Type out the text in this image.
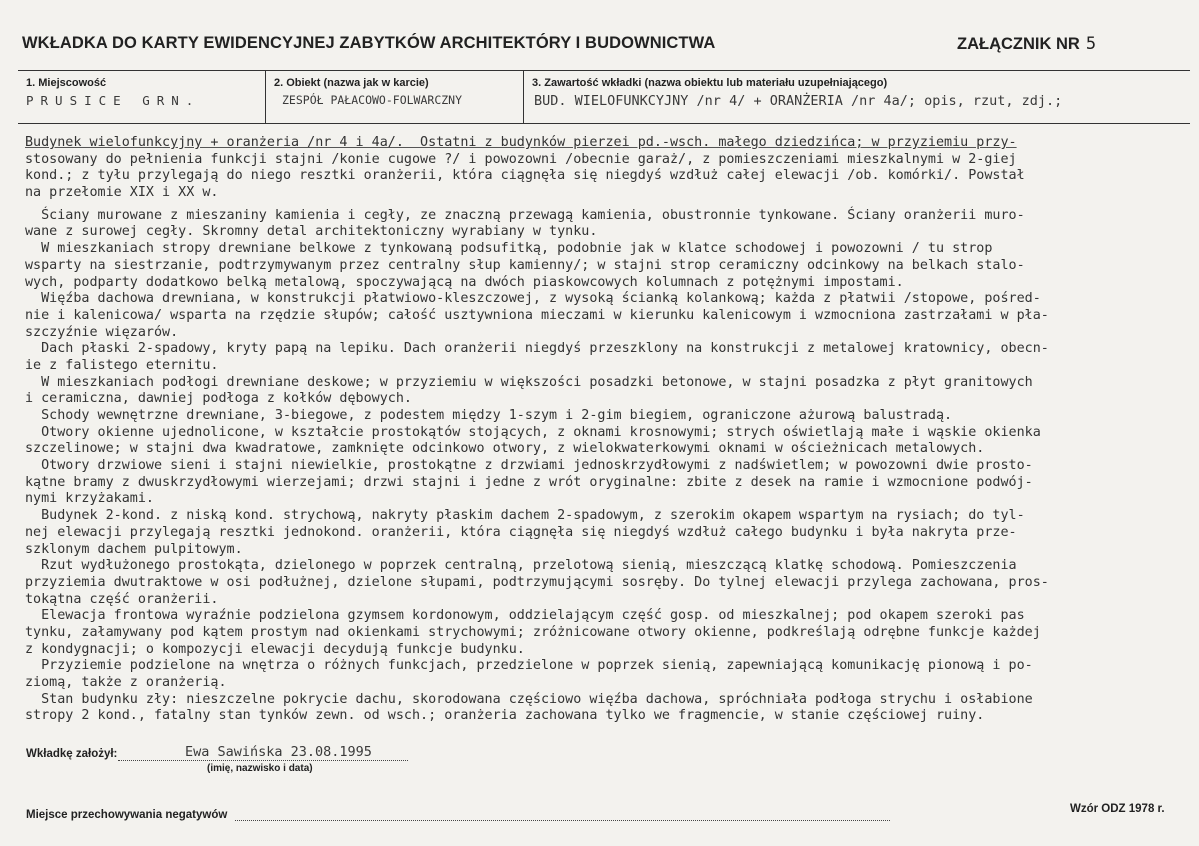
WKŁADKA DO KARTY EWIDENCYJNEJ ZABYTKÓW ARCHITEKTÓRY I BUDOWNICTWA	ZAŁĄCZNIK NR 5
1. Miejscowość
PRUSICE GRN.
2. Obiekt (nazwa jak w karcie)
ZESPÓŁ PAŁACOWO-FOLWARCZNY
3. Zawartość wkładki (nazwa obiektu lub materiału uzupełniającego)
BUD. WIELOFUNKCYJNY /nr 4/ + ORANŻERIA /nr 4a/; opis, rzut, zdj.;
Budynek wielofunkcyjny + oranżeria /nr 4 i 4a/.  Ostatni z budynków pierzei pd.-wsch. małego dziedzińca; w przyziemiu przy-
stosowany do pełnienia funkcji stajni /konie cugowe ?/ i powozowni /obecnie garaż/, z pomieszczeniami mieszkalnymi w 2-giej
kond.; z tyłu przylegają do niego resztki oranżerii, która ciągnęła się niegdyś wzdłuż całej elewacji /ob. komórki/. Powstał
na przełomie XIX i XX w.
Ściany murowane z mieszaniny kamienia i cegły, ze znaczną przewagą kamienia, obustronnie tynkowane. Ściany oranżerii muro-
wane z surowej cegły. Skromny detal architektoniczny wyrabiany w tynku.
W mieszkaniach stropy drewniane belkowe z tynkowaną podsufitką, podobnie jak w klatce schodowej i powozowni / tu strop
wsparty na siestrzanie, podtrzymywanym przez centralny słup kamienny/; w stajni strop ceramiczny odcinkowy na belkach stalo-
wych, podparty dodatkowo belką metalową, spoczywającą na dwóch piaskowcowych kolumnach z potężnymi impostami.
Więźba dachowa drewniana, w konstrukcji płatwiowo-kleszczowej, z wysoką ścianką kolankową; każda z płatwii /stopowe, pośred-
nie i kalenicowa/ wsparta na rzędzie słupów; całość usztywniona mieczami w kierunku kalenicowym i wzmocniona zastrzałami w pła-
szczyźnie więzarów.
Dach płaski 2-spadowy, kryty papą na lepiku. Dach oranżerii niegdyś przeszklony na konstrukcji z metalowej kratownicy, obecn-
ie z falistego eternitu.
W mieszkaniach podłogi drewniane deskowe; w przyziemiu w większości posadzki betonowe, w stajni posadzka z płyt granitowych
i ceramiczna, dawniej podłoga z kołków dębowych.
Schody wewnętrzne drewniane, 3-biegowe, z podestem między 1-szym i 2-gim biegiem, ograniczone ażurową balustradą.
Otwory okienne ujednolicone, w kształcie prostokątów stojących, z oknami krosnowymi; strych oświetlają małe i wąskie okienka
szczelinowe; w stajni dwa kwadratowe, zamknięte odcinkowo otwory, z wielokwaterkowymi oknami w ościeżnicach metalowych.
Otwory drzwiowe sieni i stajni niewielkie, prostokątne z drzwiami jednoskrzydłowymi z nadświetlem; w powozowni dwie prosto-
kątne bramy z dwuskrzydłowymi wierzejami; drzwi stajni i jedne z wrót oryginalne: zbite z desek na ramie i wzmocnione podwój-
nymi krzyżakami.
Budynek 2-kond. z niską kond. strychową, nakryty płaskim dachem 2-spadowym, z szerokim okapem wspartym na rysiach; do tyl-
nej elewacji przylegają resztki jednokond. oranżerii, która ciągnęła się niegdyś wzdłuż całego budynku i była nakryta prze-
szklonym dachem pulpitowym.
Rzut wydłużonego prostokąta, dzielonego w poprzek centralną, przelotową sienią, mieszczącą klatkę schodową. Pomieszczenia
przyziemia dwutraktowe w osi podłużnej, dzielone słupami, podtrzymującymi sosręby. Do tylnej elewacji przylega zachowana, pros-
tokątna część oranżerii.
Elewacja frontowa wyraźnie podzielona gzymsem kordonowym, oddzielającym część gosp. od mieszkalnej; pod okapem szeroki pas
tynku, załamywany pod kątem prostym nad okienkami strychowymi; zróżnicowane otwory okienne, podkreślają odrębne funkcje każdej
z kondygnacji; o kompozycji elewacji decydują funkcje budynku.
Przyziemie podzielone na wnętrza o różnych funkcjach, przedzielone w poprzek sienią, zapewniającą komunikację pionową i po-
ziomą, także z oranżerią.
Stan budynku zły: nieszczelne pokrycie dachu, skorodowana częściowo więźba dachowa, spróchniała podłoga strychu i osłabione
stropy 2 kond., fatalny stan tynków zewn. od wsch.; oranżeria zachowana tylko we fragmencie, w stanie częściowej ruiny.
Wkładkę założył:	Ewa Sawińska 23.08.1995
(imię, nazwisko i data)
Miejsce przechowywania negatywów	Wzór ODZ 1978 r.
